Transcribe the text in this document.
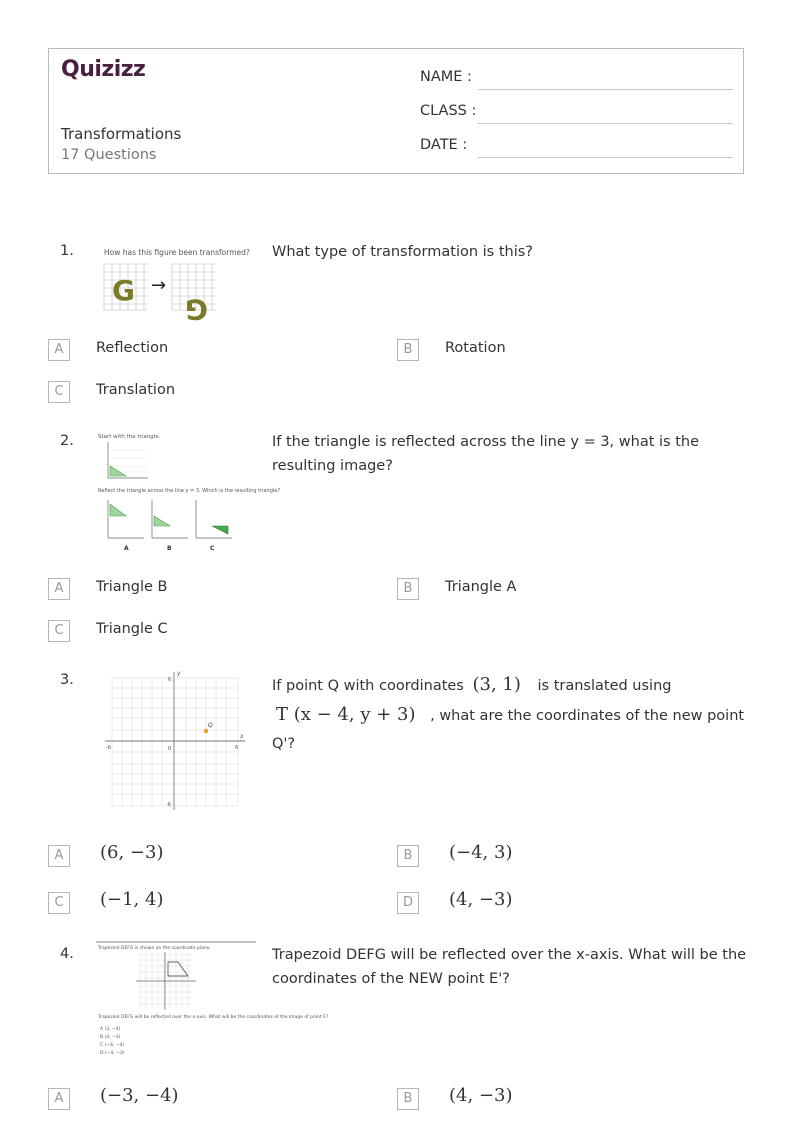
Quizizz
Transformations
17 Questions
NAME :
CLASS :
DATE :
1.	How has this figure been transformed?
G →
G
What type of transformation is this?
A	Reflection	B	Rotation
C	Translation
2.	Start with the triangle.
Reflect the triangle across the line y = 3. Which is the resulting triangle?
A	B	C
If the triangle is reflected across the line y = 3, what is the resulting image?
A	Triangle B	B	Triangle A
C	Triangle C
3.
x
y
0
-6	6
6
-6
Q
If point Q with coordinates (3, 1) is translated using
T (x − 4, y + 3) , what are the coordinates of the new point Q'?
A	(6, −3)	B	(−4, 3)
C	(−1, 4)	D	(4, −3)
4.	Trapezoid DEFG is shown on the coordinate plane.
Trapezoid DEFG will be reflected over the x-axis. What will be the coordinates of the image of point E?
A (3, −4)
B (4, −3)
C (−4, −4)
D (−4, −3)
Trapezoid DEFG will be reflected over the x-axis. What will be the coordinates of the NEW point E'?
A	(−3, −4)	B	(4, −3)
